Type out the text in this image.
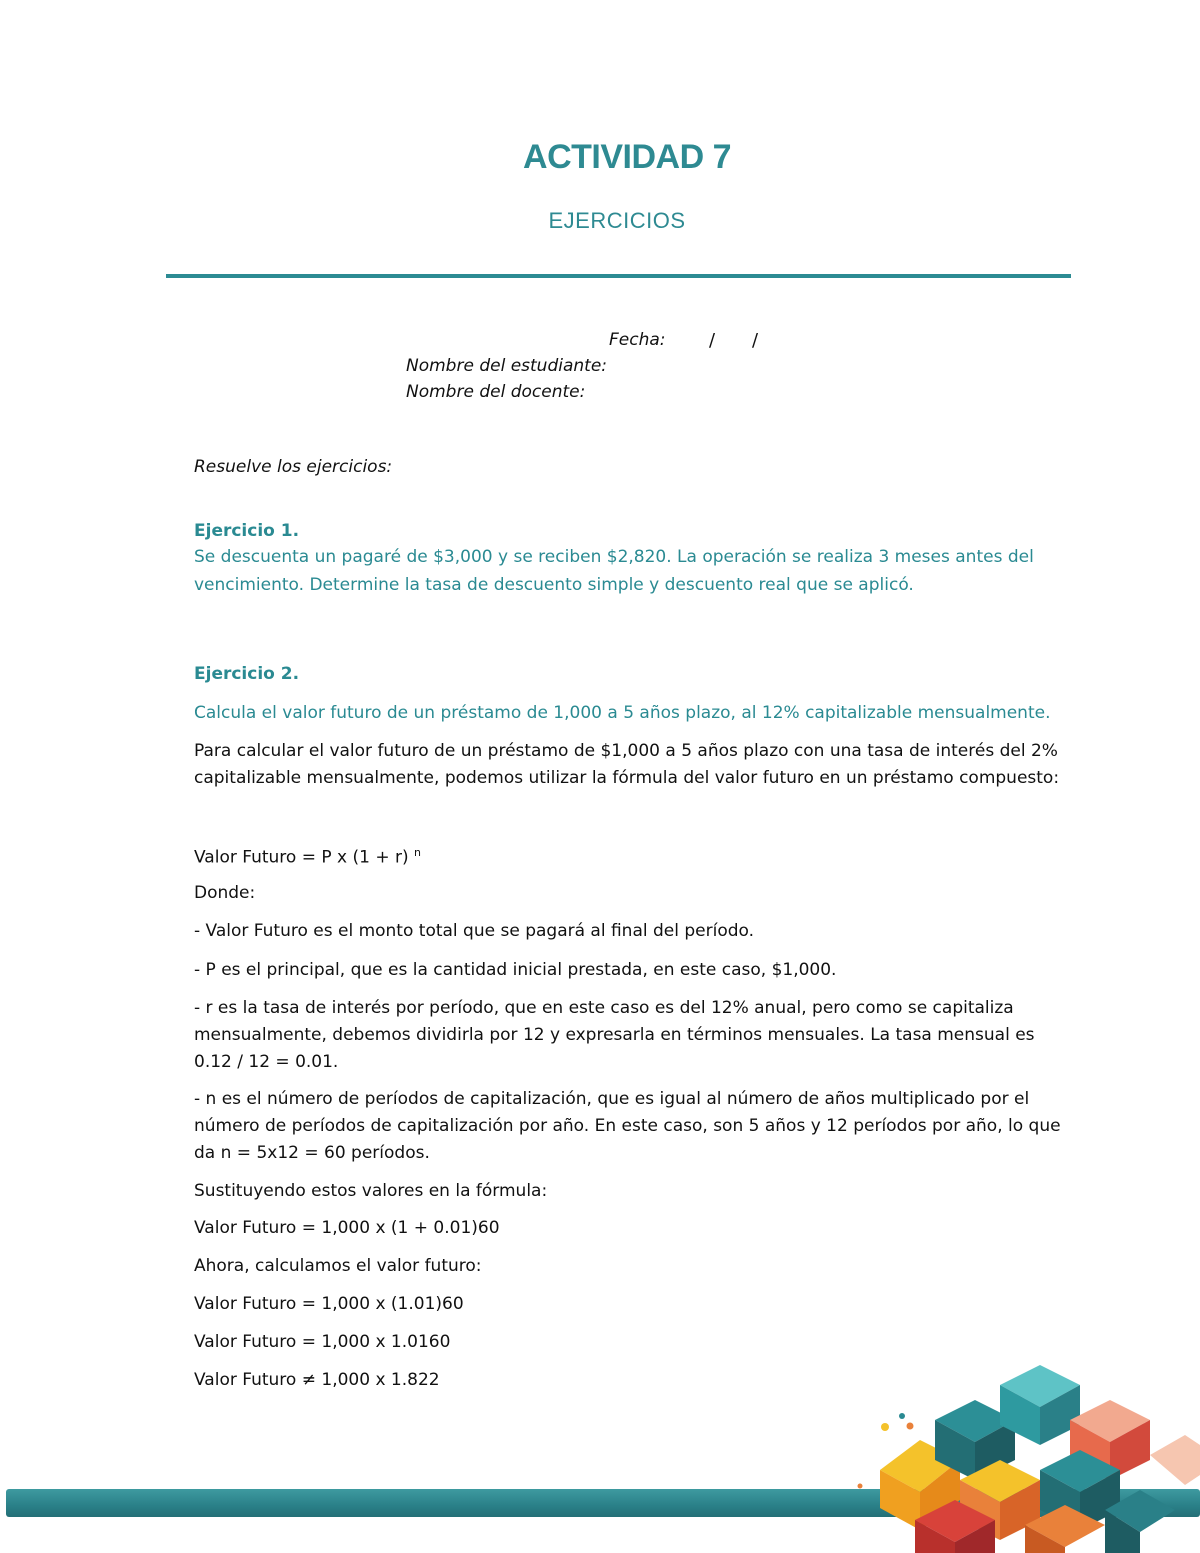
ACTIVIDAD 7
EJERCICIOS
Fecha: / /
Nombre del estudiante:
Nombre del docente:
Resuelve los ejercicios:
Ejercicio 1.
Se descuenta un pagaré de $3,000 y se reciben $2,820. La operación se realiza 3 meses antes del
vencimiento. Determine la tasa de descuento simple y descuento real que se aplicó.
Ejercicio 2.
Calcula el valor futuro de un préstamo de 1,000 a 5 años plazo, al 12% capitalizable mensualmente.
Para calcular el valor futuro de un préstamo de $1,000 a 5 años plazo con una tasa de interés del 2%
capitalizable mensualmente, podemos utilizar la fórmula del valor futuro en un préstamo compuesto:
Valor Futuro = P x (1 + r) $^n$
Donde:
- Valor Futuro es el monto total que se pagará al final del período.
- P es el principal, que es la cantidad inicial prestada, en este caso, $1,000.
- r es la tasa de interés por período, que en este caso es del 12% anual, pero como se capitaliza
mensualmente, debemos dividirla por 12 y expresarla en términos mensuales. La tasa mensual es
0.12 / 12 = 0.01.
- n es el número de períodos de capitalización, que es igual al número de años multiplicado por el
número de períodos de capitalización por año. En este caso, son 5 años y 12 períodos por año, lo que
da n = 5x12 = 60 períodos.
Sustituyendo estos valores en la fórmula:
Valor Futuro = 1,000 x (1 + 0.01)60
Ahora, calculamos el valor futuro:
Valor Futuro = 1,000 x (1.01)60
Valor Futuro = 1,000 x 1.0160
Valor Futuro ≠ 1,000 x 1.822
